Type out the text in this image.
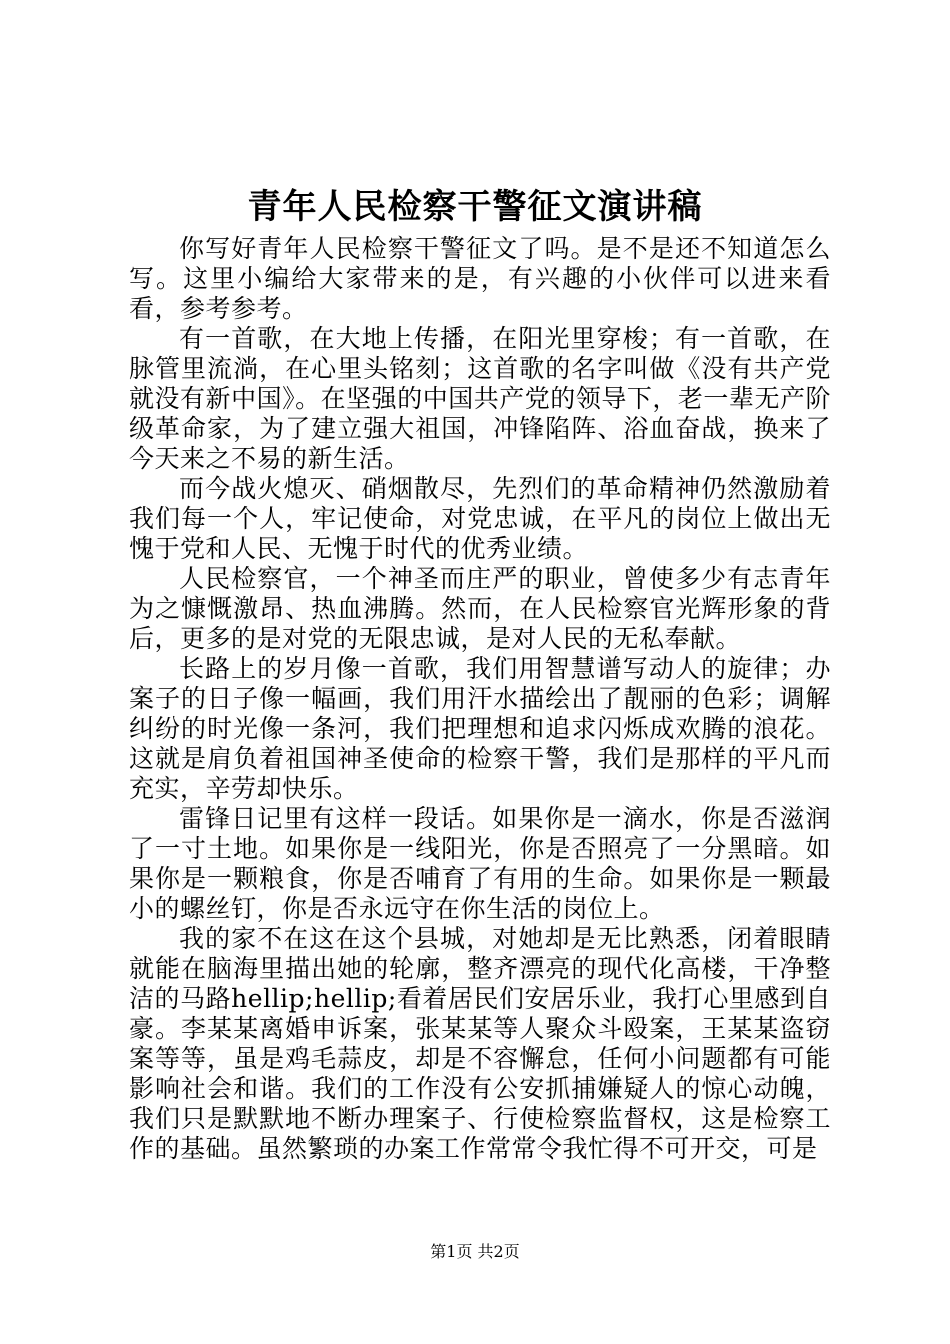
青年人民检察干警征文演讲稿

你写好青年人民检察干警征文了吗。是不是还不知道怎么写。这里小编给大家带来的是，有兴趣的小伙伴可以进来看看，参考参考。

有一首歌，在大地上传播，在阳光里穿梭；有一首歌，在脉管里流淌，在心里头铭刻；这首歌的名字叫做《没有共产党就没有新中国》。在坚强的中国共产党的领导下，老一辈无产阶级革命家，为了建立强大祖国，冲锋陷阵、浴血奋战，换来了今天来之不易的新生活。

而今战火熄灭、硝烟散尽，先烈们的革命精神仍然激励着我们每一个人，牢记使命，对党忠诚，在平凡的岗位上做出无愧于党和人民、无愧于时代的优秀业绩。

人民检察官，一个神圣而庄严的职业，曾使多少有志青年为之慷慨激昂、热血沸腾。然而，在人民检察官光辉形象的背后，更多的是对党的无限忠诚，是对人民的无私奉献。

长路上的岁月像一首歌，我们用智慧谱写动人的旋律；办案子的日子像一幅画，我们用汗水描绘出了靓丽的色彩；调解纠纷的时光像一条河，我们把理想和追求闪烁成欢腾的浪花。这就是肩负着祖国神圣使命的检察干警，我们是那样的平凡而充实，辛劳却快乐。

雷锋日记里有这样一段话。如果你是一滴水，你是否滋润了一寸土地。如果你是一线阳光，你是否照亮了一分黑暗。如果你是一颗粮食，你是否哺育了有用的生命。如果你是一颗最小的螺丝钉，你是否永远守在你生活的岗位上。

我的家不在这在这个县城，对她却是无比熟悉，闭着眼睛就能在脑海里描出她的轮廓，整齐漂亮的现代化高楼，干净整洁的马路hellip;hellip;看着居民们安居乐业，我打心里感到自豪。李某某离婚申诉案，张某某等人聚众斗殴案，王某某盗窃案等等，虽是鸡毛蒜皮，却是不容懈怠，任何小问题都有可能影响社会和谐。我们的工作没有公安抓捕嫌疑人的惊心动魄，我们只是默默地不断办理案子、行使检察监督权，这是检察工作的基础。虽然繁琐的办案工作常常令我忙得不可开交，可是

第1页 共2页
